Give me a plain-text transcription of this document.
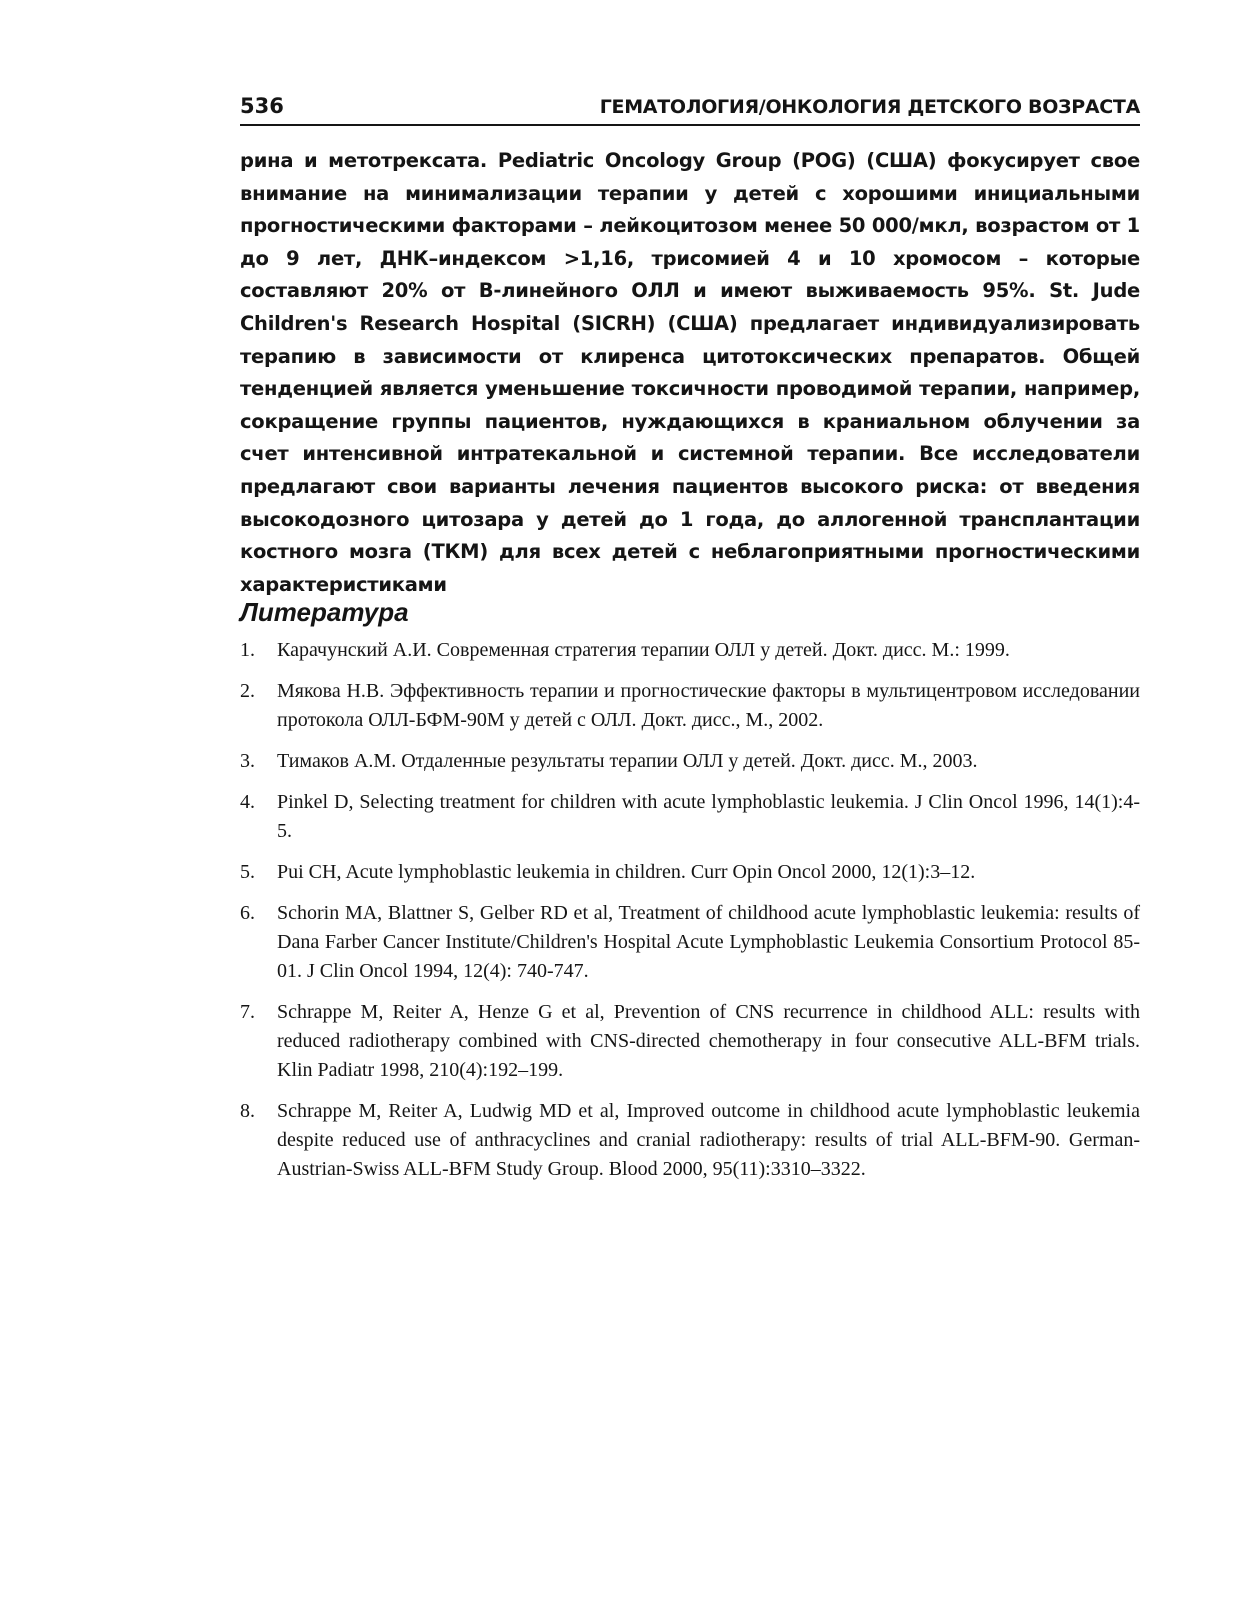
536	ГЕМАТОЛОГИЯ/ОНКОЛОГИЯ ДЕТСКОГО ВОЗРАСТА

рина и метотрексата. Pediatric Oncology Group (POG) (США) фокусирует свое внимание на минимализации терапии у детей с хорошими инициальными прогностическими факторами – лейкоцитозом менее 50 000/мкл, возрастом от 1 до 9 лет, ДНК–индексом >1,16, трисомией 4 и 10 хромосом – которые составляют 20% от В-линейного ОЛЛ и имеют выживаемость 95%. St. Jude Children's Research Hospital (SICRH) (США) предлагает индивидуализировать терапию в зависимости от клиренса цитотоксических препаратов. Общей тенденцией является уменьшение токсичности проводимой терапии, например, сокращение группы пациентов, нуждающихся в краниальном облучении за счет интенсивной интратекальной и системной терапии. Все исследователи предлагают свои варианты лечения пациентов высокого риска: от введения высокодозного цитозара у детей до 1 года, до аллогенной трансплантации костного мозга (ТКМ) для всех детей с неблагоприятными прогностическими характеристиками

Литература
1. Карачунский А.И. Современная стратегия терапии ОЛЛ у детей. Докт. дисс. М.: 1999.
2. Мякова Н.В. Эффективность терапии и прогностические факторы в мультицентровом исследовании протокола ОЛЛ-БФМ-90М у детей с ОЛЛ. Докт. дисс., М., 2002.
3. Тимаков А.М. Отдаленные результаты терапии ОЛЛ у детей. Докт. дисс. М., 2003.
4. Pinkel D, Selecting treatment for children with acute lymphoblastic leukemia. J Clin Oncol 1996, 14(1):4-5.
5. Pui CH, Acute lymphoblastic leukemia in children. Curr Opin Oncol 2000, 12(1):3–12.
6. Schorin MA, Blattner S, Gelber RD et al, Treatment of childhood acute lymphoblastic leukemia: results of Dana Farber Cancer Institute/Children's Hospital Acute Lymphoblastic Leukemia Consortium Protocol 85-01. J Clin Oncol 1994, 12(4): 740-747.
7. Schrappe M, Reiter A, Henze G et al, Prevention of CNS recurrence in childhood ALL: results with reduced radiotherapy combined with CNS-directed chemotherapy in four consecutive ALL-BFM trials. Klin Padiatr 1998, 210(4):192–199.
8. Schrappe M, Reiter A, Ludwig MD et al, Improved outcome in childhood acute lymphoblastic leukemia despite reduced use of anthracyclines and cranial radiotherapy: results of trial ALL-BFM-90. German-Austrian-Swiss ALL-BFM Study Group. Blood 2000, 95(11):3310–3322.
